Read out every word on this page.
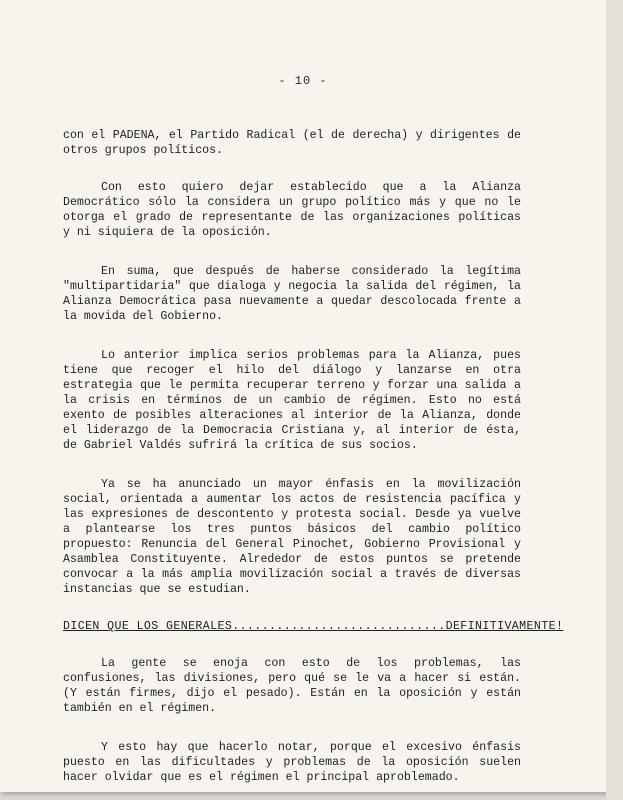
- 10 -

con el PADENA, el Partido Radical (el de derecha) y dirigentes de otros grupos políticos.

Con esto quiero dejar establecido que a la Alianza Democrático sólo la considera un grupo político más y que no le otorga el grado de representante de las organizaciones políticas y ni siquiera de la oposición.

En suma, que después de haberse considerado la legítima "multipartidaria" que dialoga y negocia la salida del régimen, la Alianza Democrática pasa nuevamente a quedar descolocada frente a la movida del Gobierno.

Lo anterior implica serios problemas para la Alianza, pues tiene que recoger el hilo del diálogo y lanzarse en otra estrategia que le permita recuperar terreno y forzar una salida a la crisis en términos de un cambio de régimen. Esto no está exento de posibles alteraciones al interior de la Alianza, donde el liderazgo de la Democracia Cristiana y, al interior de ésta, de Gabriel Valdés sufrirá la crítica de sus socios.

Ya se ha anunciado un mayor énfasis en la movilización social, orientada a aumentar los actos de resistencia pacífica y las expresiones de descontento y protesta social. Desde ya vuelve a plantearse los tres puntos básicos del cambio político propuesto: Renuncia del General Pinochet, Gobierno Provisional y Asamblea Constituyente. Alrededor de estos puntos se pretende convocar a la más amplia movilización social a través de diversas instancias que se estudian.

DICEN QUE LOS GENERALES.............................DEFINITIVAMENTE!

La gente se enoja con esto de los problemas, las confusiones, las divisiones, pero qué se le va a hacer si están. (Y están firmes, dijo el pesado). Están en la oposición y están también en el régimen.

Y esto hay que hacerlo notar, porque el excesivo énfasis puesto en las dificultades y problemas de la oposición suelen hacer olvidar que es el régimen el principal aproblemado.
